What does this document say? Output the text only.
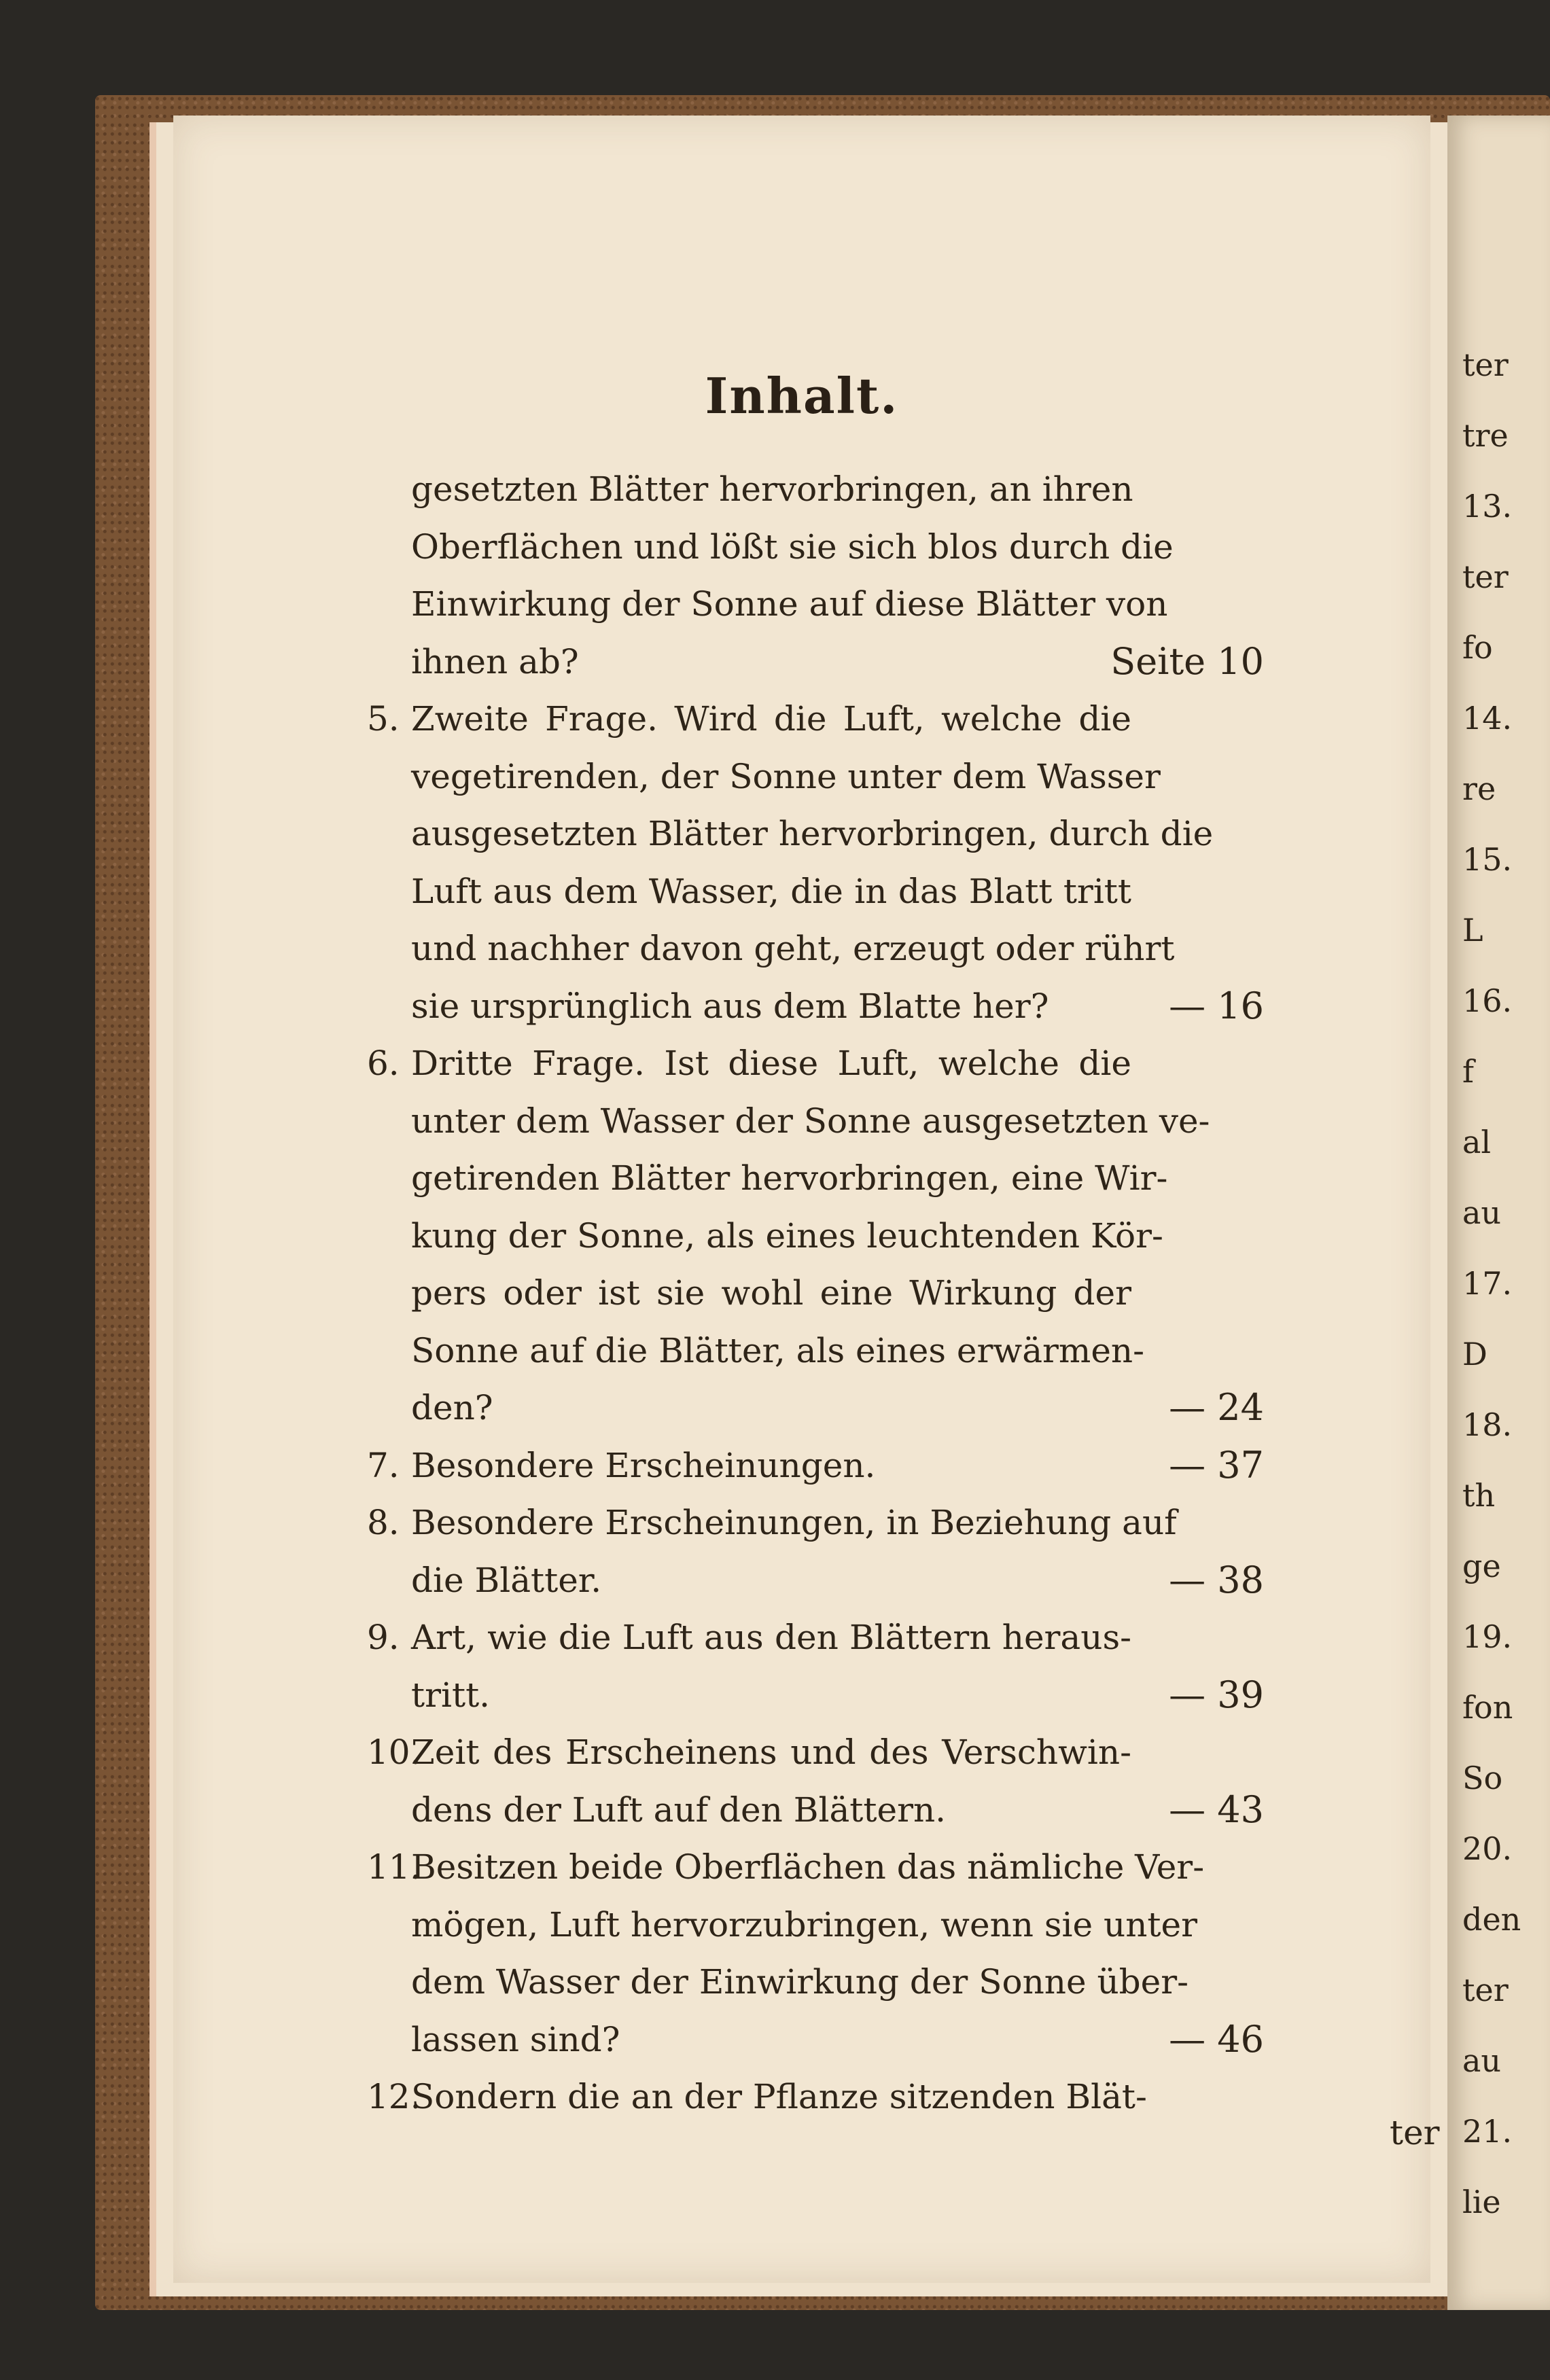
Inhalt.
gesetzten Blätter hervorbringen, an ihren
Oberflächen und lößt sie sich blos durch die
Einwirkung der Sonne auf diese Blätter von
ihnen ab?	Seite 10
5. Zweite Frage. Wird die Luft, welche die
vegetirenden, der Sonne unter dem Wasser
ausgesetzten Blätter hervorbringen, durch die
Luft aus dem Wasser, die in das Blatt tritt
und nachher davon geht, erzeugt oder rührt
sie ursprünglich aus dem Blatte her?	— 16
6. Dritte Frage. Ist diese Luft, welche die
unter dem Wasser der Sonne ausgesetzten ve-
getirenden Blätter hervorbringen, eine Wir-
kung der Sonne, als eines leuchtenden Kör-
pers oder ist sie wohl eine Wirkung der
Sonne auf die Blätter, als eines erwärmen-
den?	— 24
7. Besondere Erscheinungen.	— 37
8. Besondere Erscheinungen, in Beziehung auf
die Blätter.	— 38
9. Art, wie die Luft aus den Blättern heraus-
tritt.	— 39
10.
Zeit des Erscheinens und des Verschwin-
dens der Luft auf den Blättern.	— 43
11.
Besitzen beide Oberflächen das nämliche Ver-
mögen, Luft hervorzubringen, wenn sie unter
dem Wasser der Einwirkung der Sonne über-
lassen sind?	— 46
12.
Sondern die an der Pflanze sitzenden Blät-
ter
ter
tre
13.
ter
fo
14.
re
15.
L
16.
f
al
au
17.
D
18.
th
ge
19.
fon
So
20.
den
ter
au
21.
lie
